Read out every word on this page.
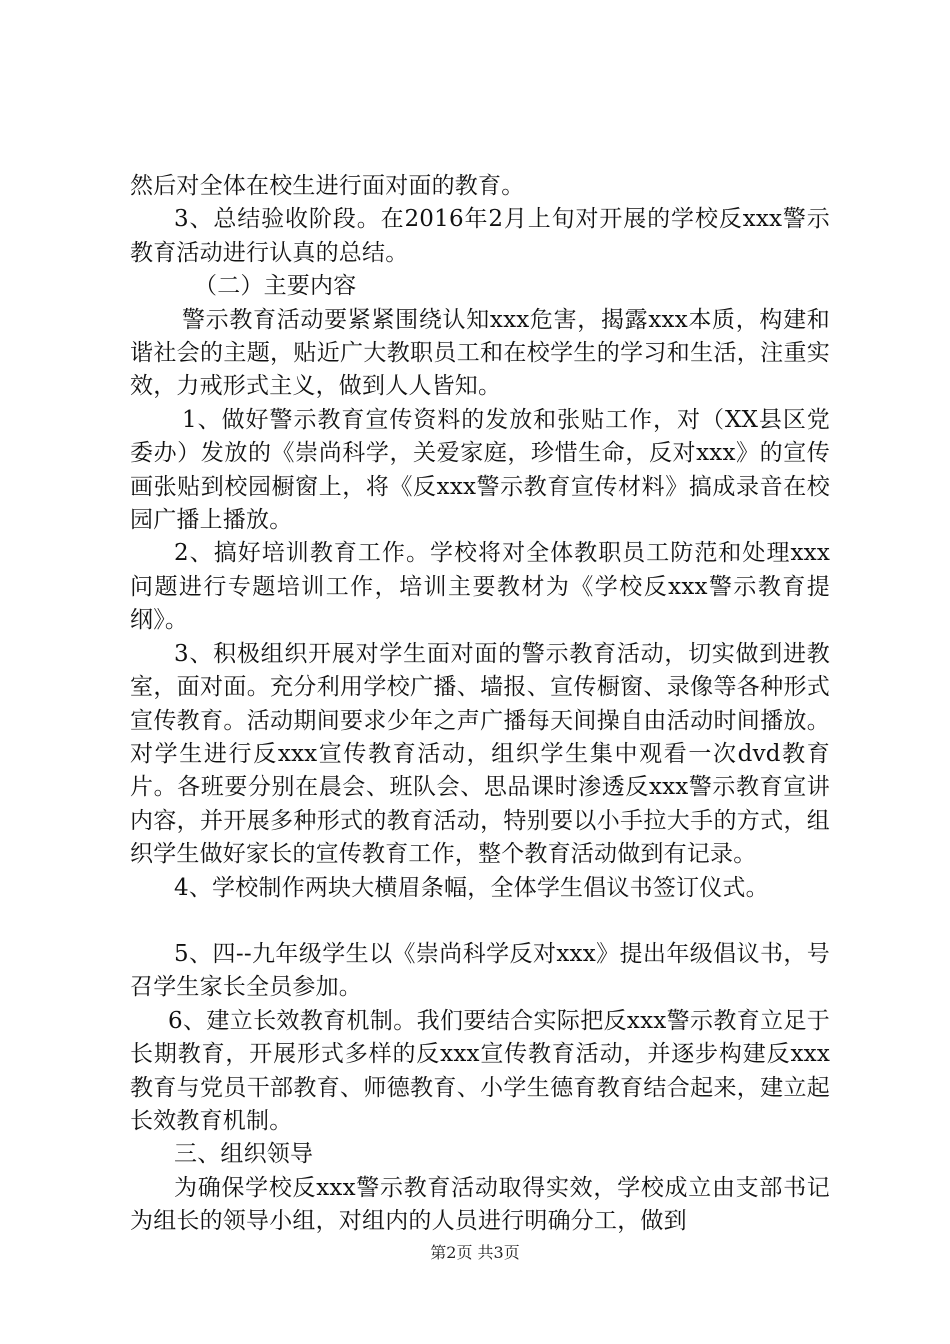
然后对全体在校生进行面对面的教育。

3、总结验收阶段。在2016年2月上旬对开展的学校反xxx警示教育活动进行认真的总结。

（二）主要内容

警示教育活动要紧紧围绕认知xxx危害，揭露xxx本质，构建和谐社会的主题，贴近广大教职员工和在校学生的学习和生活，注重实效，力戒形式主义，做到人人皆知。

1、做好警示教育宣传资料的发放和张贴工作，对（XX县区党委办）发放的《崇尚科学，关爱家庭，珍惜生命，反对xxx》的宣传画张贴到校园橱窗上，将《反xxx警示教育宣传材料》搞成录音在校园广播上播放。

2、搞好培训教育工作。学校将对全体教职员工防范和处理xxx问题进行专题培训工作，培训主要教材为《学校反xxx警示教育提纲》。

3、积极组织开展对学生面对面的警示教育活动，切实做到进教室，面对面。充分利用学校广播、墙报、宣传橱窗、录像等各种形式宣传教育。活动期间要求少年之声广播每天间操自由活动时间播放。对学生进行反xxx宣传教育活动，组织学生集中观看一次dvd教育片。各班要分别在晨会、班队会、思品课时渗透反xxx警示教育宣讲内容，并开展多种形式的教育活动，特别要以小手拉大手的方式，组织学生做好家长的宣传教育工作，整个教育活动做到有记录。

4、学校制作两块大横眉条幅，全体学生倡议书签订仪式。

5、四--九年级学生以《崇尚科学反对xxx》提出年级倡议书，号召学生家长全员参加。

6、建立长效教育机制。我们要结合实际把反xxx警示教育立足于长期教育，开展形式多样的反xxx宣传教育活动，并逐步构建反xxx教育与党员干部教育、师德教育、小学生德育教育结合起来，建立起长效教育机制。

三、组织领导

为确保学校反xxx警示教育活动取得实效，学校成立由支部书记为组长的领导小组，对组内的人员进行明确分工，做到

第2页 共3页
